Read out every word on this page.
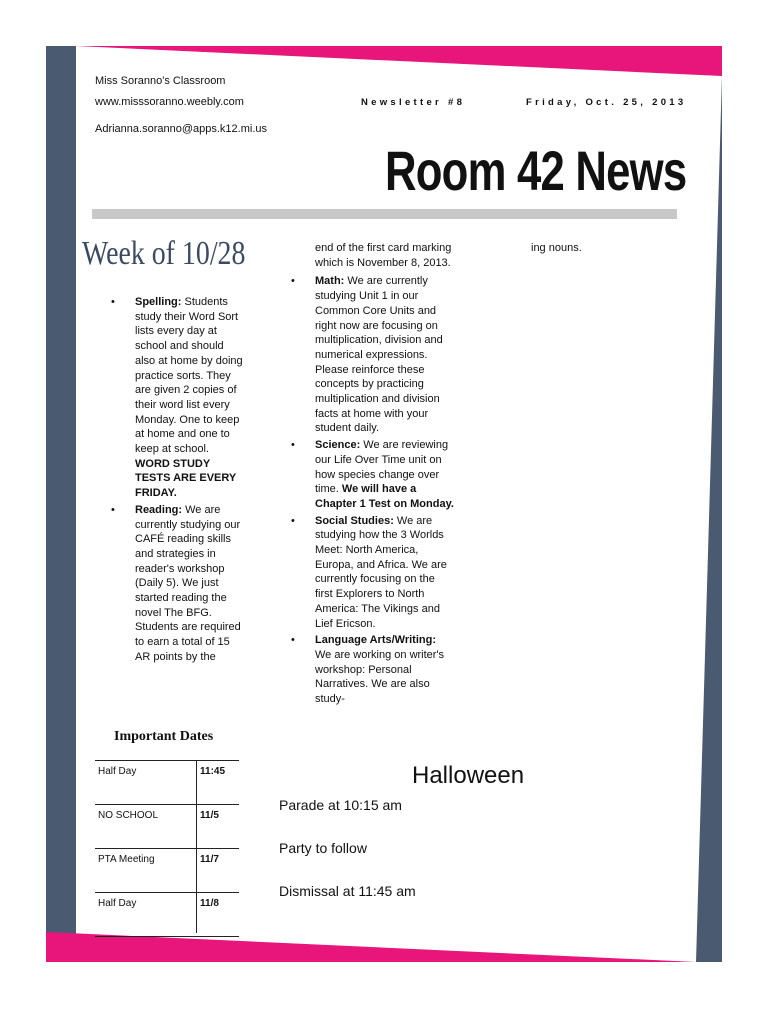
Miss Soranno's Classroom
www.misssoranno.weebly.com
Adrianna.soranno@apps.k12.mi.us
Newsletter #8	Friday, Oct. 25, 2013
Room 42 News
Week of 10/28
• Spelling: Students study their Word Sort lists every day at school and should also at home by doing practice sorts. They are given 2 copies of their word list every Monday. One to keep at home and one to keep at school. WORD STUDY TESTS ARE EVERY FRIDAY.
• Reading: We are currently studying our CAFÉ reading skills and strategies in reader's workshop (Daily 5). We just started reading the novel The BFG. Students are required to earn a total of 15 AR points by the
end of the first card marking which is November 8, 2013.
• Math: We are currently studying Unit 1 in our Common Core Units and right now are focusing on multiplication, division and numerical expressions. Please reinforce these concepts by practicing multiplication and division facts at home with your student daily.
• Science: We are reviewing our Life Over Time unit on how species change over time. We will have a Chapter 1 Test on Monday.
• Social Studies: We are studying how the 3 Worlds Meet: North America, Europa, and Africa. We are currently focusing on the first Explorers to North America: The Vikings and Lief Ericson.
• Language Arts/Writing: We are working on writer's workshop: Personal Narratives. We are also study-
ing nouns.
Important Dates
Half Day	11:45
NO SCHOOL	11/5
PTA Meeting	11/7
Half Day	11/8
Halloween
Parade at 10:15 am
Party to follow
Dismissal at 11:45 am
